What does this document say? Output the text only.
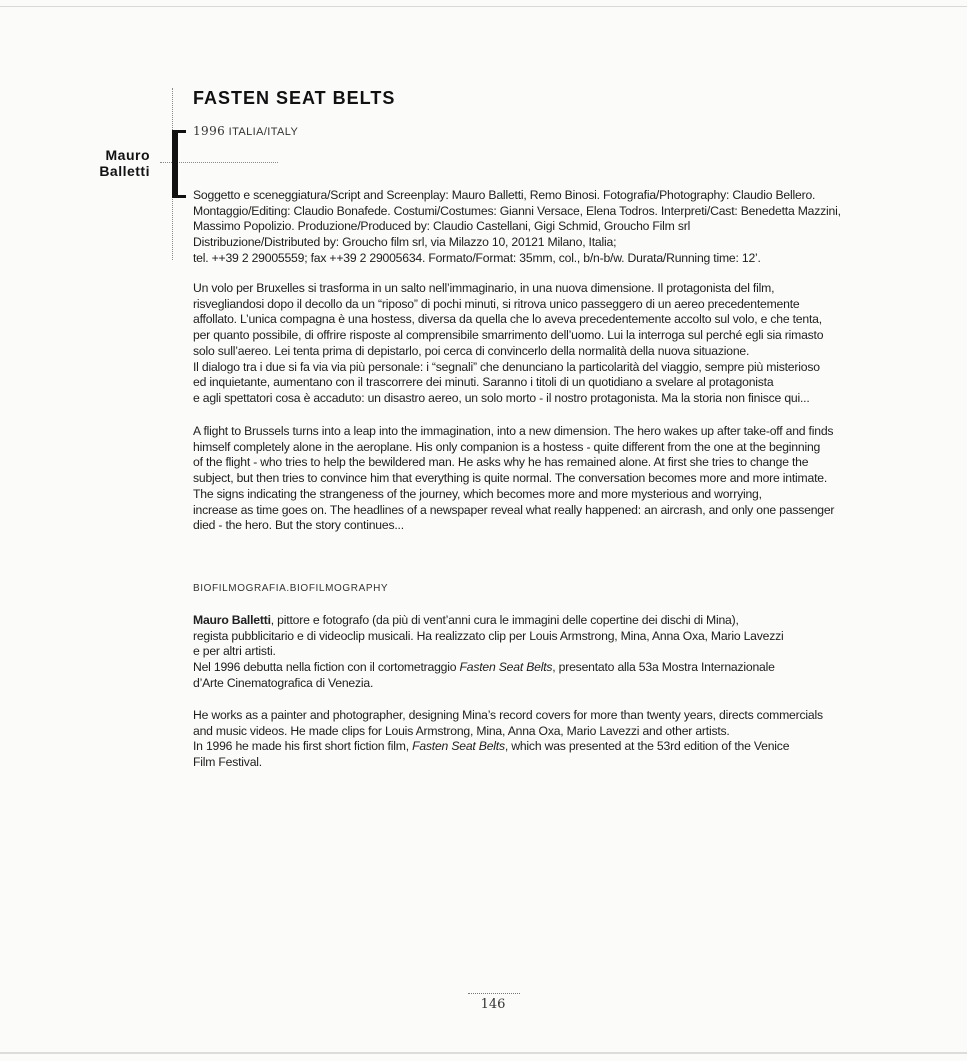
Mauro
Balletti
FASTEN SEAT BELTS
1996 ITALIA/ITALY
Soggetto e sceneggiatura/Script and Screenplay: Mauro Balletti, Remo Binosi. Fotografia/Photography: Claudio Bellero.
Montaggio/Editing: Claudio Bonafede. Costumi/Costumes: Gianni Versace, Elena Todros. Interpreti/Cast: Benedetta Mazzini,
Massimo Popolizio. Produzione/Produced by: Claudio Castellani, Gigi Schmid, Groucho Film srl
Distribuzione/Distributed by: Groucho film srl, via Milazzo 10, 20121 Milano, Italia;
tel. ++39 2 29005559; fax ++39 2 29005634. Formato/Format: 35mm, col., b/n-b/w. Durata/Running time: 12’.
Un volo per Bruxelles si trasforma in un salto nell’immaginario, in una nuova dimensione. Il protagonista del film,
risvegliandosi dopo il decollo da un “riposo” di pochi minuti, si ritrova unico passeggero di un aereo precedentemente
affollato. L’unica compagna è una hostess, diversa da quella che lo aveva precedentemente accolto sul volo, e che tenta,
per quanto possibile, di offrire risposte al comprensibile smarrimento dell’uomo. Lui la interroga sul perché egli sia rimasto
solo sull’aereo. Lei tenta prima di depistarlo, poi cerca di convincerlo della normalità della nuova situazione.
Il dialogo tra i due si fa via via più personale: i “segnali” che denunciano la particolarità del viaggio, sempre più misterioso
ed inquietante, aumentano con il trascorrere dei minuti. Saranno i titoli di un quotidiano a svelare al protagonista
e agli spettatori cosa è accaduto: un disastro aereo, un solo morto - il nostro protagonista. Ma la storia non finisce qui...
A flight to Brussels turns into a leap into the immagination, into a new dimension. The hero wakes up after take-off and finds
himself completely alone in the aeroplane. His only companion is a hostess - quite different from the one at the beginning
of the flight - who tries to help the bewildered man. He asks why he has remained alone. At first she tries to change the
subject, but then tries to convince him that everything is quite normal. The conversation becomes more and more intimate.
The signs indicating the strangeness of the journey, which becomes more and more mysterious and worrying,
increase as time goes on. The headlines of a newspaper reveal what really happened: an aircrash, and only one passenger
died - the hero. But the story continues...
BIOFILMOGRAFIA.BIOFILMOGRAPHY
Mauro Balletti, pittore e fotografo (da più di vent’anni cura le immagini delle copertine dei dischi di Mina),
regista pubblicitario e di videoclip musicali. Ha realizzato clip per Louis Armstrong, Mina, Anna Oxa, Mario Lavezzi
e per altri artisti.
Nel 1996 debutta nella fiction con il cortometraggio Fasten Seat Belts, presentato alla 53a Mostra Internazionale
d’Arte Cinematografica di Venezia.
He works as a painter and photographer, designing Mina’s record covers for more than twenty years, directs commercials
and music videos. He made clips for Louis Armstrong, Mina, Anna Oxa, Mario Lavezzi and other artists.
In 1996 he made his first short fiction film, Fasten Seat Belts, which was presented at the 53rd edition of the Venice
Film Festival.
146
